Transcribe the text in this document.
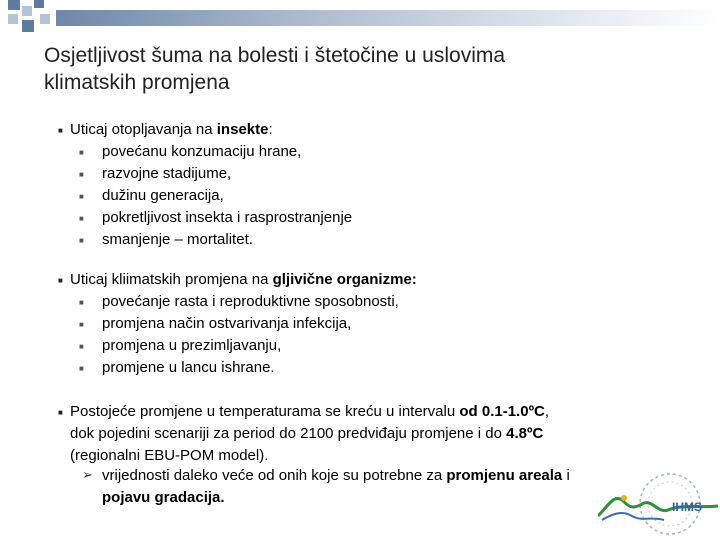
Osjetljivost šuma na bolesti i štetočine u uslovima
klimatskih promjena
■ Uticaj otopljavanja na insekte:
■ povećanu konzumaciju hrane,
■ razvojne stadijume,
■ dužinu generacija,
■ pokretljivost insekta i rasprostranjenje
■ smanjenje – mortalitet.
■ Uticaj kliimatskih promjena na gljivične organizme:
■ povećanje rasta i reproduktivne sposobnosti,
■ promjena način ostvarivanja infekcija,
■ promjena u prezimljavanju,
■ promjene u lancu ishrane.
■ Postojeće promjene u temperaturama se kreću u intervalu od 0.1-1.0ºC,
dok pojedini scenariji za period do 2100 predviđaju promjene i do 4.8ºC
(regionalni EBU-POM model).
➢ vrijednosti daleko veće od onih koje su potrebne za promjenu areala i
pojavu gradacija.
IHMS
